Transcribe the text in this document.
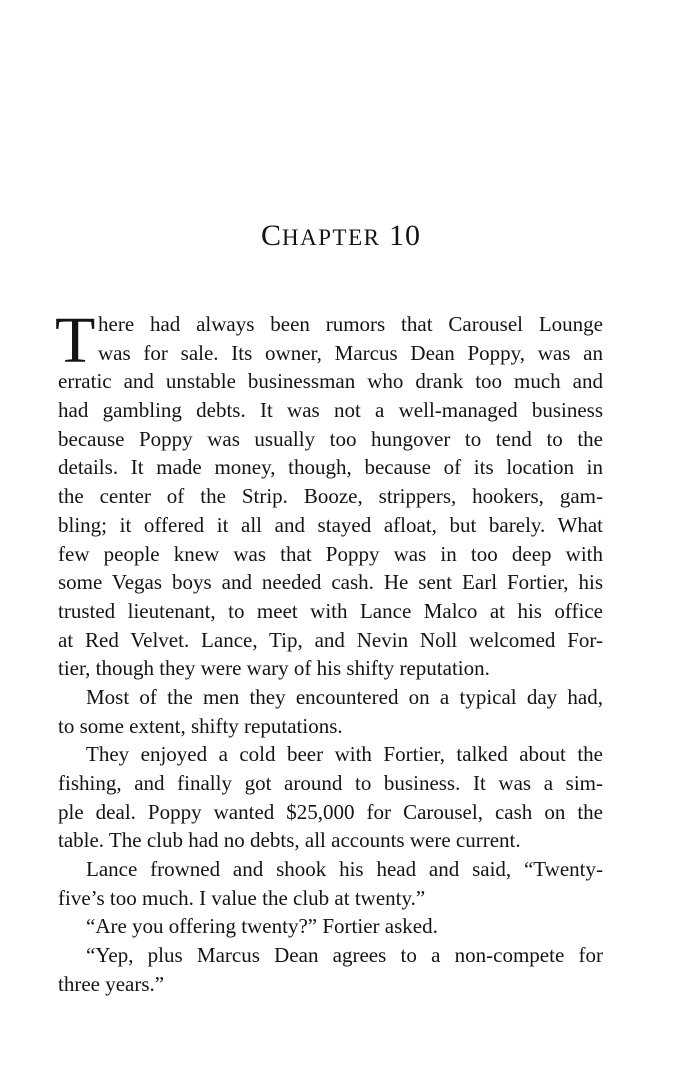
CHAPTER 10
T here had always been rumors that Carousel Lounge
was for sale. Its owner, Marcus Dean Poppy, was an
erratic and unstable businessman who drank too much and
had gambling debts. It was not a well-managed business
because Poppy was usually too hungover to tend to the
details. It made money, though, because of its location in
the center of the Strip. Booze, strippers, hookers, gam-
bling; it offered it all and stayed afloat, but barely. What
few people knew was that Poppy was in too deep with
some Vegas boys and needed cash. He sent Earl Fortier, his
trusted lieutenant, to meet with Lance Malco at his office
at Red Velvet. Lance, Tip, and Nevin Noll welcomed For-
tier, though they were wary of his shifty reputation.
Most of the men they encountered on a typical day had,
to some extent, shifty reputations.
They enjoyed a cold beer with Fortier, talked about the
fishing, and finally got around to business. It was a sim-
ple deal. Poppy wanted $25,000 for Carousel, cash on the
table. The club had no debts, all accounts were current.
Lance frowned and shook his head and said, “Twenty-
five’s too much. I value the club at twenty.”
“Are you offering twenty?” Fortier asked.
“Yep, plus Marcus Dean agrees to a non-compete for
three years.”
